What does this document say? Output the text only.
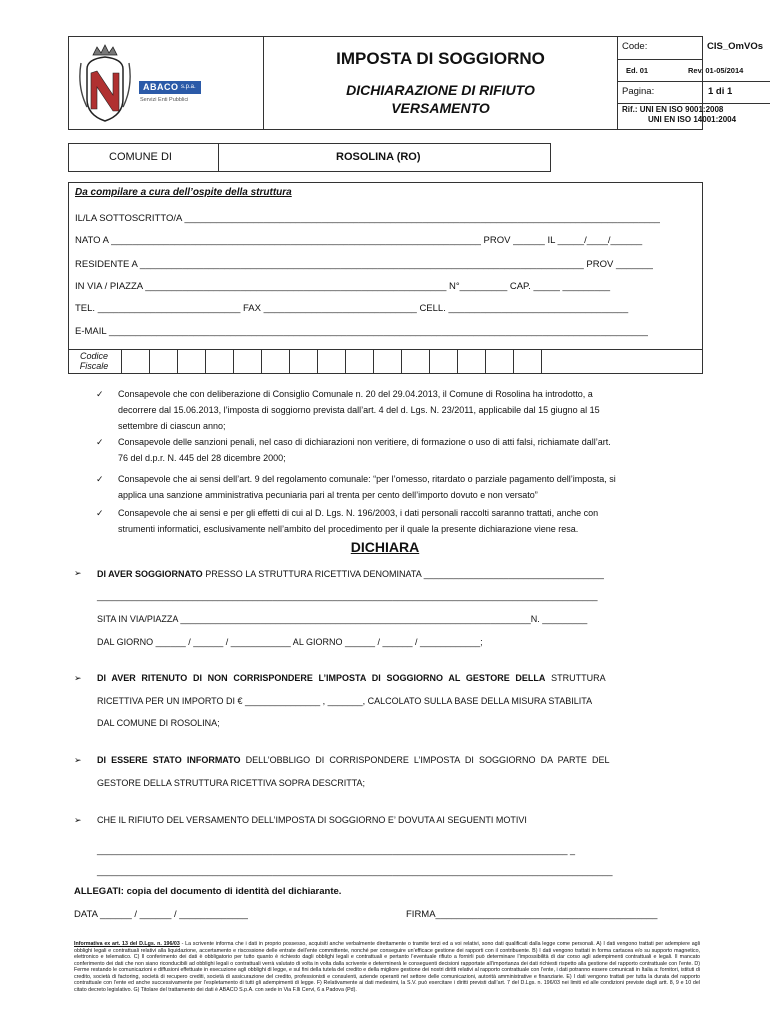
ABACO s.p.a.
Servizi Enti Pubblici
IMPOSTA DI SOGGIORNO
DICHIARAZIONE DI RIFIUTO
VERSAMENTO
Code:	CIS_OmVOs
Ed. 01	Rev. 01-05/2014
Pagina:	1 di 1
Rif.: UNI EN ISO 9001:2008
UNI EN ISO 14001:2004
COMUNE DI	ROSOLINA (RO)
Da compilare a cura dell’ospite della struttura
IL/LA SOTTOSCRITTO/A __________________________________________________________________________________________
NATO A ______________________________________________________________________ PROV ______ IL _____/____/______
RESIDENTE A ____________________________________________________________________________________ PROV _______
IN VIA / PIAZZA _________________________________________________________ N°_________ CAP. _____ _________
TEL. ___________________________ FAX _____________________________ CELL. __________________________________
E-MAIL ______________________________________________________________________________________________________
Codice
Fiscale
✓ Consapevole che con deliberazione di Consiglio Comunale n. 20 del 29.04.2013, il Comune di Rosolina ha introdotto, a
decorrere dal 15.06.2013, l’imposta di soggiorno prevista dall’art. 4 del d. Lgs. N. 23/2011, applicabile dal 15 giugno al 15
settembre di ciascun anno;
✓ Consapevole delle sanzioni penali, nel caso di dichiarazioni non veritiere, di formazione o uso di atti falsi, richiamate dall’art.
76 del d.p.r. N. 445 del 28 dicembre 2000;
✓ Consapevole che ai sensi dell’art. 9 del regolamento comunale: “per l’omesso, ritardato o parziale pagamento dell’imposta, si
applica una sanzione amministrativa pecuniaria pari al trenta per cento dell’importo dovuto e non versato”
✓ Consapevole che ai sensi e per gli effetti di cui al D. Lgs. N. 196/2003, i dati personali raccolti saranno trattati, anche con
strumenti informatici, esclusivamente nell’ambito del procedimento per il quale la presente dichiarazione viene resa.
DICHIARA
➢ DI AVER SOGGIORNATO PRESSO LA STRUTTURA RICETTIVA DENOMINATA ____________________________________
____________________________________________________________________________________________________
SITA IN VIA/PIAZZA ______________________________________________________________________N. _________
DAL GIORNO ______ / ______ / ____________ AL GIORNO ______ / ______ / ____________;
➢ DI AVER RITENUTO DI NON CORRISPONDERE L’IMPOSTA DI SOGGIORNO AL GESTORE DELLA STRUTTURA
RICETTIVA PER UN IMPORTO DI € _______________ , _______, CALCOLATO SULLA BASE DELLA MISURA STABILITA
DAL COMUNE DI ROSOLINA;
➢ DI ESSERE STATO INFORMATO DELL’OBBLIGO DI CORRISPONDERE L’IMPOSTA DI SOGGIORNO DA PARTE DEL
GESTORE DELLA STRUTTURA RICETTIVA SOPRA DESCRITTA;
➢ CHE IL RIFIUTO DEL VERSAMENTO DELL’IMPOSTA DI SOGGIORNO E’ DOVUTA AI SEGUENTI MOTIVI
______________________________________________________________________________________________ _
_______________________________________________________________________________________________________
ALLEGATI: copia del documento di identità del dichiarante.
DATA ______ / ______ / _____________	FIRMA__________________________________________
Informativa ex art. 13 del D.Lgs. n. 196/03 - La scrivente informa che i dati in proprio possesso, acquisiti anche verbalmente direttamente o tramite terzi ed a voi relativi, sono dati qualificati dalla legge come personali. A) I dati vengono trattati per adempiere agli obblighi legali e contrattuali relativi alla liquidazione, accertamento e riscossione delle entrate dell’ente committente, nonché per conseguire un’efficace gestione dei rapporti con il contribuente. B) I dati vengono trattati in forma cartacea e/o su supporto magnetico, elettronico e telematico. C) Il conferimento dei dati è obbligatorio per tutto quanto è richiesto dagli obblighi legali e contrattuali e pertanto l’eventuale rifiuto a fornirli può determinare l’impossibilità di dar corso agli adempimenti contrattuali e legali. Il mancato conferimento dei dati che non siano riconducibili ad obblighi legali o contrattuali verrà valutato di volta in volta dalla scrivente e determinerà le conseguenti decisioni rapportate all’importanza dei dati richiesti rispetto alla gestione del rapporto contrattuale con l’ente. D) Ferme restando le comunicazioni e diffusioni effettuate in esecuzione agli obblighi di legge, e sul fini della tutela del credito e della migliore gestione dei nostri diritti relativi al rapporto contrattuale con l’ente, i dati potranno essere comunicati in Italia a: fornitori, istituti di credito, società di factoring, società di recupero crediti, società di assicurazione del credito, professionisti e consulenti, aziende operanti nel settore delle comunicazioni, autorità amministrative e finanziarie. E) I dati vengono trattati per tutta la durata del rapporto contrattuale con l’ente ed anche successivamente per l’espletamento di tutti gli adempimenti di legge. F) Relativamente ai dati medesimi, la S.V. può esercitare i diritti previsti dall’art. 7 del D.Lgs. n. 196/03 nei limiti ed alle condizioni previste dagli artt. 8, 9 e 10 del citato decreto legislativo. G) Titolare del trattamento dei dati è ABACO S.p.A. con sede in Via F.lli Cervi, 6 a Padova (Pd).
